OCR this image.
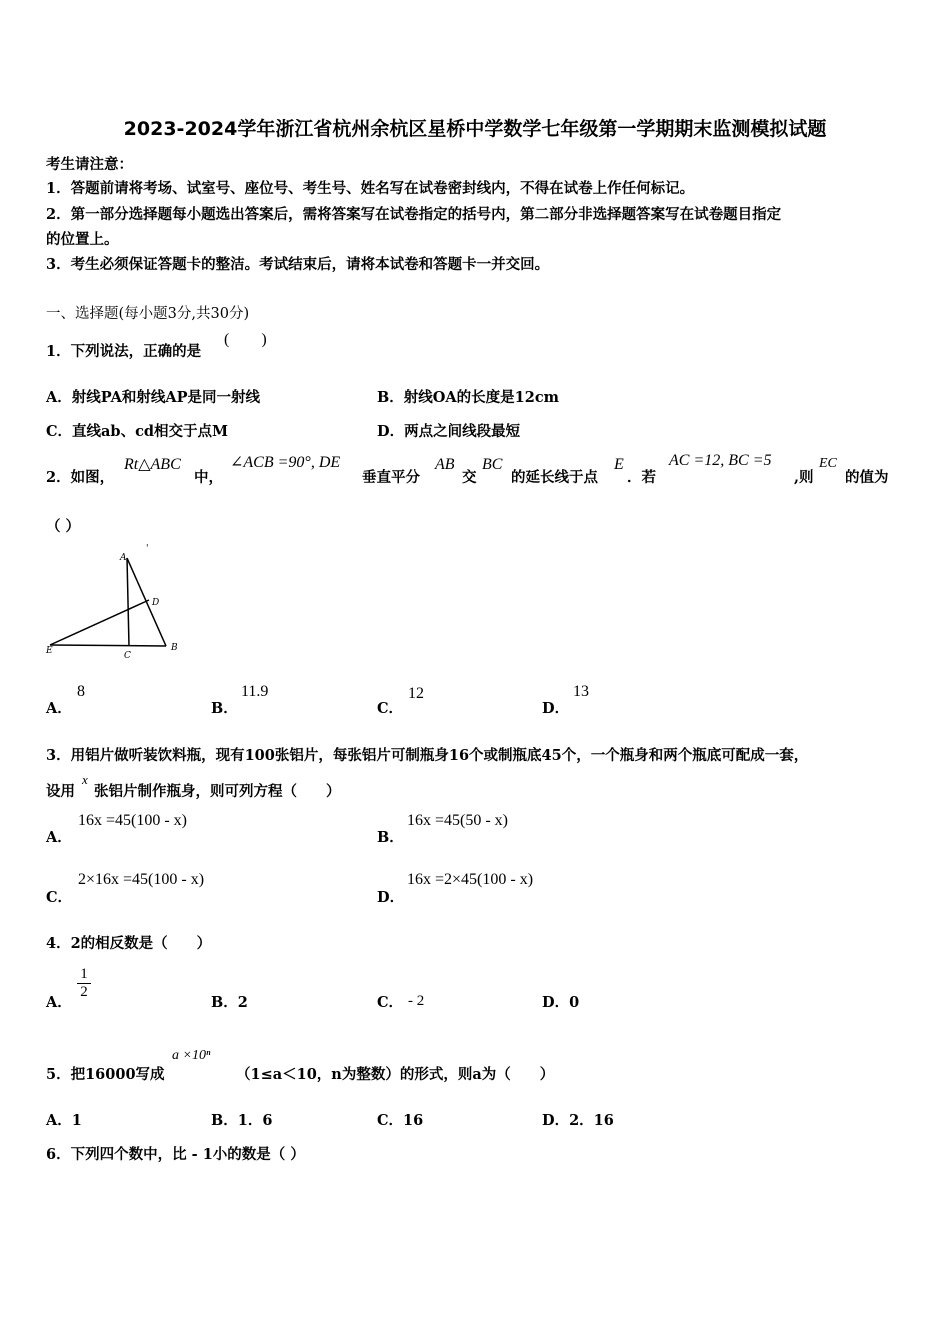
2023-2024学年浙江省杭州余杭区星桥中学数学七年级第一学期期末监测模拟试题
考生请注意：
1．答题前请将考场、试室号、座位号、考生号、姓名写在试卷密封线内，不得在试卷上作任何标记。
2．第一部分选择题每小题选出答案后，需将答案写在试卷指定的括号内，第二部分非选择题答案写在试卷题目指定
的位置上。
3．考生必须保证答题卡的整洁。考试结束后，请将本试卷和答题卡一并交回。
一、选择题(每小题3分,共30分)
1．下列说法，正确的是
(　　)
A．射线PA和射线AP是同一射线	B．射线OA的长度是12cm
C．直线ab、cd相交于点M	D．两点之间线段最短
2．如图，
Rt△ABC
中，
∠ACB =90°, DE
垂直平分
AB
交
BC
的延长线于点
E
．若
AC =12, BC =5
,则
EC
的值为
（ ）
A
'
D
E	C
B
A．
8
B．
11.9
C．
12
D．
13
3．用铝片做听装饮料瓶，现有100张铝片，每张铝片可制瓶身16个或制瓶底45个，一个瓶身和两个瓶底可配成一套，
设用
x
张铝片制作瓶身，则可列方程（　　）
A．
16x =45(100 - x)
B．
16x =45(50 - x)
C．
2×16x =45(100 - x)
D．
16x =2×45(100 - x)
4．2的相反数是（　　）
A．
1
2
B．2	C． - 2	D．0
5．把16000写成
a ×10ⁿ
（1≤a＜10，n为整数）的形式，则a为（　　）
A．1	B．1．6	C．16	D．2．16
6．下列四个数中，比 - 1小的数是（ ）
